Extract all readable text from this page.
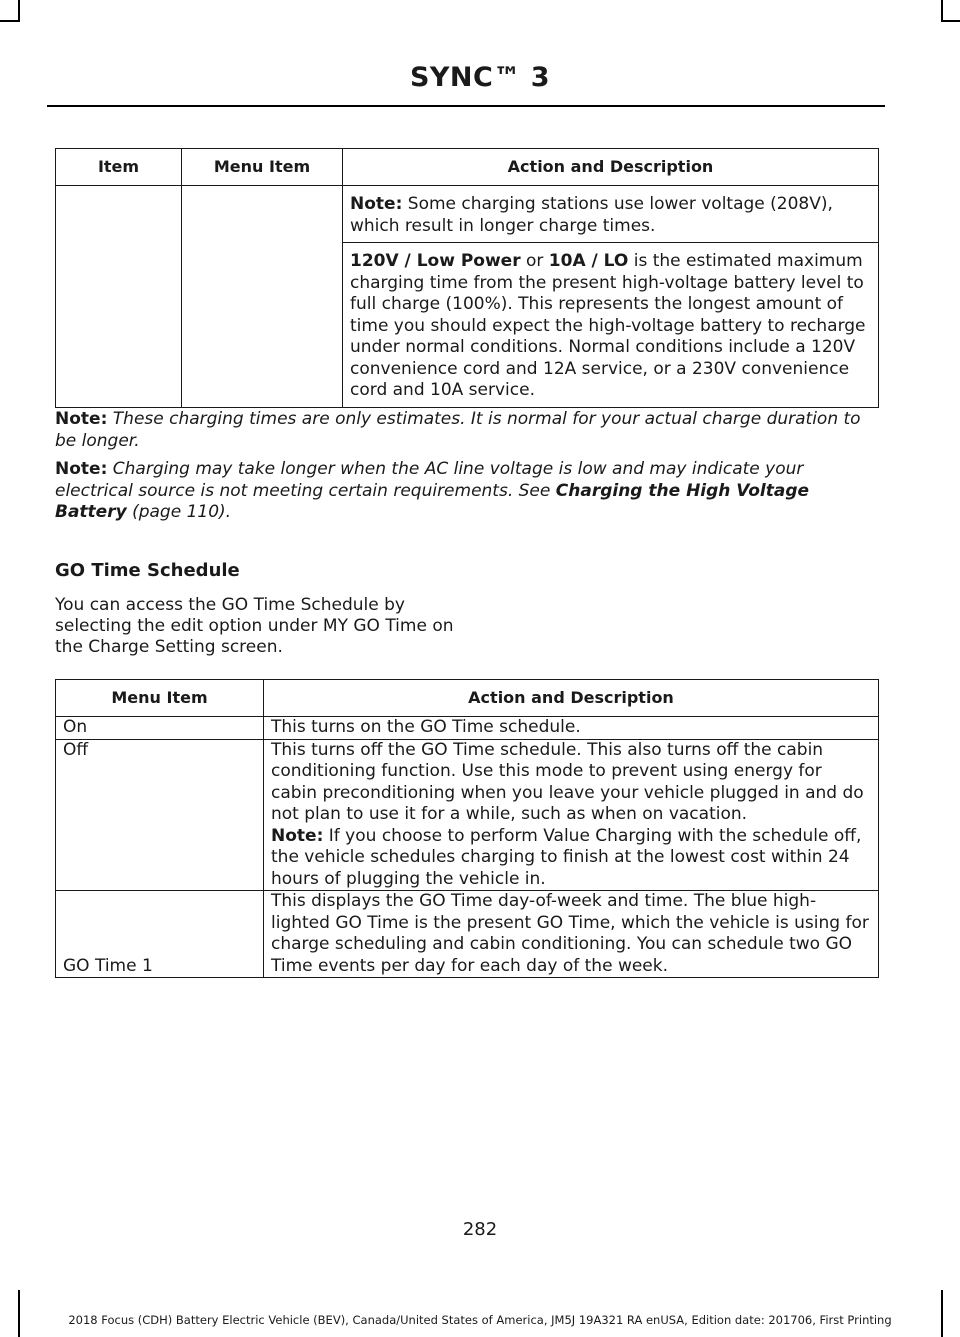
SYNC™ 3
Item	Menu Item	Action and Description
		Note: Some charging stations use lower voltage (208V), which result in longer charge times.
		120V / Low Power or 10A / LO is the estimated maximum charging time from the present high-voltage battery level to full charge (100%). This represents the longest amount of time you should expect the high-voltage battery to recharge under normal conditions. Normal conditions include a 120V convenience cord and 12A service, or a 230V convenience cord and 10A service.

Note: These charging times are only estimates. It is normal for your actual charge duration to be longer.

Note: Charging may take longer when the AC line voltage is low and may indicate your electrical source is not meeting certain requirements. See Charging the High Voltage Battery (page 110).

GO Time Schedule
You can access the GO Time Schedule by selecting the edit option under MY GO Time on the Charge Setting screen.
Menu Item	Action and Description
On	This turns on the GO Time schedule.
Off	This turns off the GO Time schedule. This also turns off the cabin conditioning function. Use this mode to prevent using energy for cabin preconditioning when you leave your vehicle plugged in and do not plan to use it for a while, such as when on vacation.
Note: If you choose to perform Value Charging with the schedule off, the vehicle schedules charging to finish at the lowest cost within 24 hours of plugging the vehicle in.
GO Time 1	This displays the GO Time day-of-week and time. The blue high-lighted GO Time is the present GO Time, which the vehicle is using for charge scheduling and cabin conditioning. You can schedule two GO Time events per day for each day of the week.
282
2018 Focus (CDH) Battery Electric Vehicle (BEV), Canada/United States of America, JM5J 19A321 RA enUSA, Edition date: 201706, First Printing
